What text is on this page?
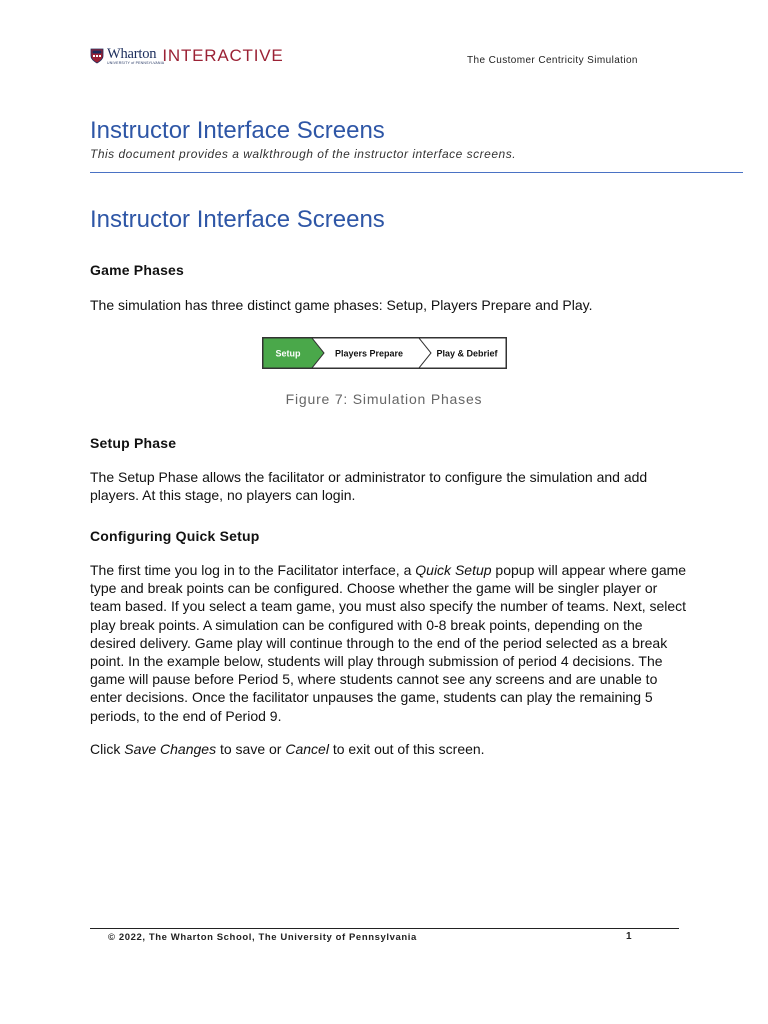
Wharton
UNIVERSITY of PENNSYLVANIA
INTERACTIVE	The Customer Centricity Simulation
Instructor Interface Screens

This document provides a walkthrough of the instructor interface screens.

Instructor Interface Screens
Game Phases

The simulation has three distinct game phases: Setup, Players Prepare and Play.

Setup	Players Prepare	Play & Debrief
Figure 7: Simulation Phases
Setup Phase

The Setup Phase allows the facilitator or administrator to configure the simulation and add players. At this stage, no players can login.

Configuring Quick Setup

The first time you log in to the Facilitator interface, a Quick Setup popup will appear where game type and break points can be configured. Choose whether the game will be singler player or team based. If you select a team game, you must also specify the number of teams. Next, select play break points. A simulation can be configured with 0-8 break points, depending on the desired delivery. Game play will continue through to the end of the period selected as a break point. In the example below, students will play through submission of period 4 decisions. The game will pause before Period 5, where students cannot see any screens and are unable to enter decisions. Once the facilitator unpauses the game, students can play the remaining 5 periods, to the end of Period 9.

Click Save Changes to save or Cancel to exit out of this screen.

© 2022, The Wharton School, The University of Pennsylvania	1
